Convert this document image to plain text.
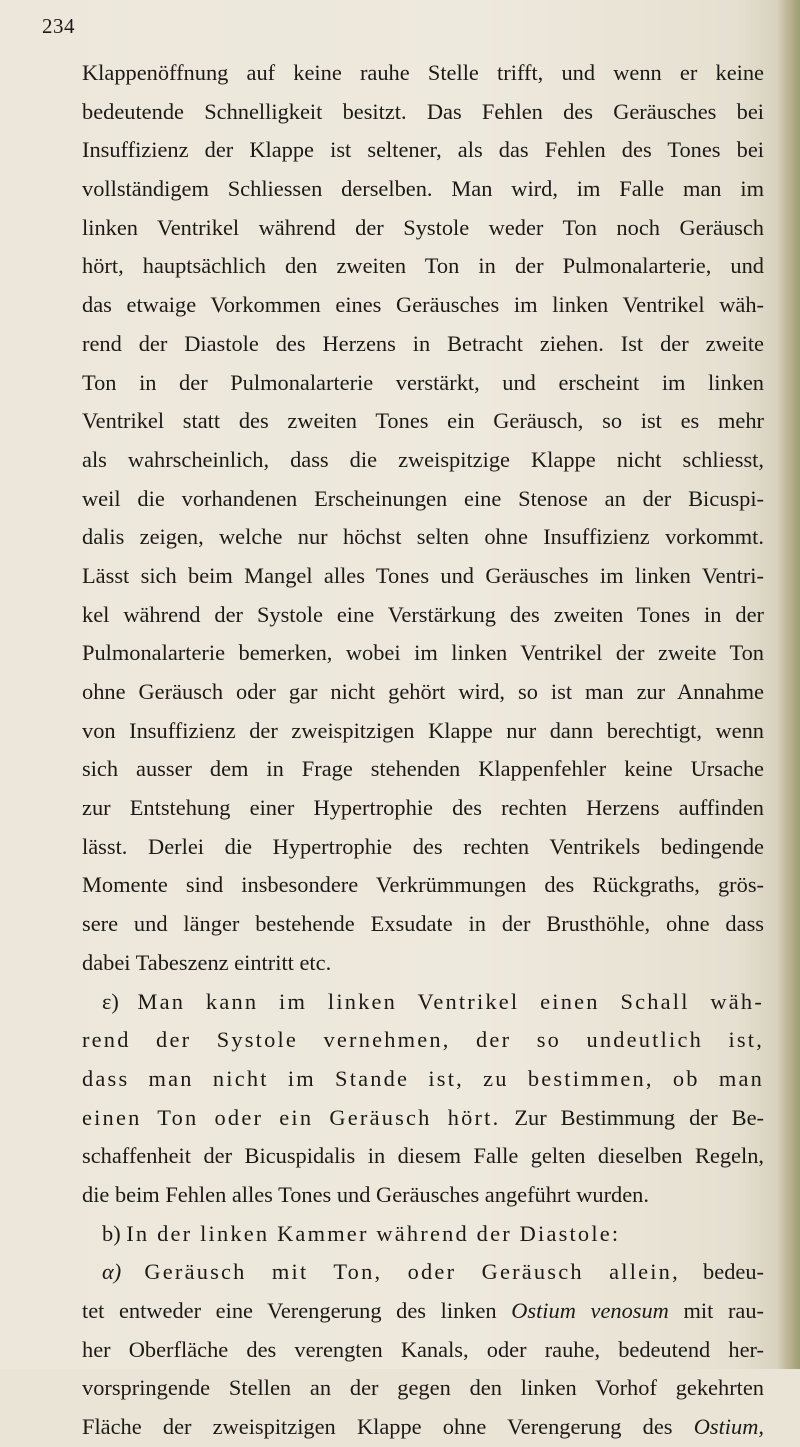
234
Klappenöffnung auf keine rauhe Stelle trifft, und wenn er keine
bedeutende Schnelligkeit besitzt. Das Fehlen des Geräusches bei
Insuffizienz der Klappe ist seltener, als das Fehlen des Tones bei
vollständigem Schliessen derselben. Man wird, im Falle man im
linken Ventrikel während der Systole weder Ton noch Geräusch
hört, hauptsächlich den zweiten Ton in der Pulmonalarterie, und
das etwaige Vorkommen eines Geräusches im linken Ventrikel wäh-
rend der Diastole des Herzens in Betracht ziehen. Ist der zweite
Ton in der Pulmonalarterie verstärkt, und erscheint im linken
Ventrikel statt des zweiten Tones ein Geräusch, so ist es mehr
als wahrscheinlich, dass die zweispitzige Klappe nicht schliesst,
weil die vorhandenen Erscheinungen eine Stenose an der Bicuspi-
dalis zeigen, welche nur höchst selten ohne Insuffizienz vorkommt.
Lässt sich beim Mangel alles Tones und Geräusches im linken Ventri-
kel während der Systole eine Verstärkung des zweiten Tones in der
Pulmonalarterie bemerken, wobei im linken Ventrikel der zweite Ton
ohne Geräusch oder gar nicht gehört wird, so ist man zur Annahme
von Insuffizienz der zweispitzigen Klappe nur dann berechtigt, wenn
sich ausser dem in Frage stehenden Klappenfehler keine Ursache
zur Entstehung einer Hypertrophie des rechten Herzens auffinden
lässt. Derlei die Hypertrophie des rechten Ventrikels bedingende
Momente sind insbesondere Verkrümmungen des Rückgraths, grös-
sere und länger bestehende Exsudate in der Brusthöhle, ohne dass
dabei Tabeszenz eintritt etc.
ε) Man kann im linken Ventrikel einen Schall wäh-
rend der Systole vernehmen, der so undeutlich ist,
dass man nicht im Stande ist, zu bestimmen, ob man
einen Ton oder ein Geräusch hört. Zur Bestimmung der Be-
schaffenheit der Bicuspidalis in diesem Falle gelten dieselben Regeln,
die beim Fehlen alles Tones und Geräusches angeführt wurden.
b) In der linken Kammer während der Diastole:
α) Geräusch mit Ton, oder Geräusch allein, bedeu-
tet entweder eine Verengerung des linken Ostium venosum mit rau-
her Oberfläche des verengten Kanals, oder rauhe, bedeutend her-
vorspringende Stellen an der gegen den linken Vorhof gekehrten
Fläche der zweispitzigen Klappe ohne Verengerung des Ostium,
